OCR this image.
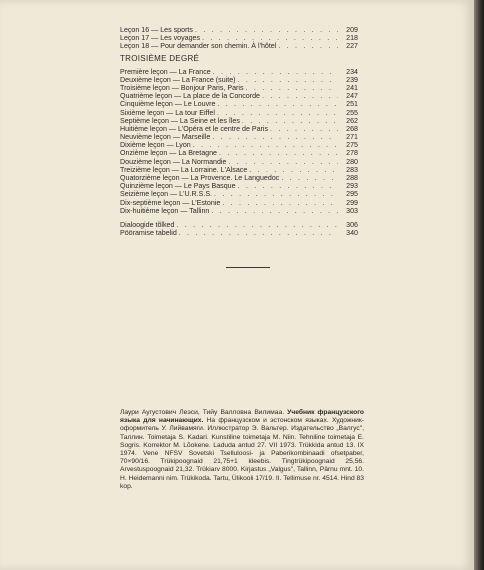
Leçon 16 — Les sports . . .	209
Leçon 17 — Les voyages . . .	218
Leçon 18 — Pour demander son chemin. À l'hôtel . . .	227
TROISIÈME DEGRÉ
Première leçon — La France . . .	234
Deuxième leçon — La France (suite) . . .	239
Troisième leçon — Bonjour Paris, Paris . . .	241
Quatrième leçon — La place de la Concorde . . .	247
Cinquième leçon — Le Louvre . . .	251
Sixième leçon — La tour Eiffel . . .	255
Septième leçon — La Seine et les îles . . .	262
Huitième leçon — L'Opéra et le centre de Paris . . .	268
Neuvième leçon — Marseille . . .	271
Dixième leçon — Lyon . . .	275
Onzième leçon — La Bretagne . . .	278
Douzième leçon — La Normandie . . .	280
Treizième leçon — La Lorraine. L'Alsace . . .	283
Quatorzième leçon — La Provence. Le Languedoc . . .	288
Quinzième leçon — Le Pays Basque . . .	293
Seizième leçon — L'U.R.S.S. . . .	295
Dix-septième leçon — L'Estonie . . .	299
Dix-huitième leçon — Tallinn . . .	303
Dialoogide tõlked . . .	306
Pööramise tabelid . . .	340
Лаури Аугустович Леэси, Тийу Валловна Вилимаа. Учебник французского языка для начинающих. На французском и эстонском языках. Художник-оформитель У. Лийвамяги. Иллюстратор Э. Вальтер. Издательство „Валгус", Таллин. Toimetaja S. Kadari. Kunstiline toimetaja M. Niin. Tehniline toimetaja E. Sogris. Korrektor M. Lõokene. Laduda antud 27. VII 1973. Trükkida antud 13. IX 1974. Vene NFSV Sovetski Tselluloosi- ja Paberikombinaadi ofsetpaber, 70×90/16. Trükipoognaid 21,75+1 kleebis. Tingtrükipoognaid 25,56. Arvestuspoognaid 21,32. Trükiarv 8000. Kirjastus „Valgus", Tallinn, Pärnu mnt. 10. H. Heidemanni nim. Trükikoda. Tartu, Ülikooli 17/19. II. Tellimuse nr. 4514. Hind 83 kop.
